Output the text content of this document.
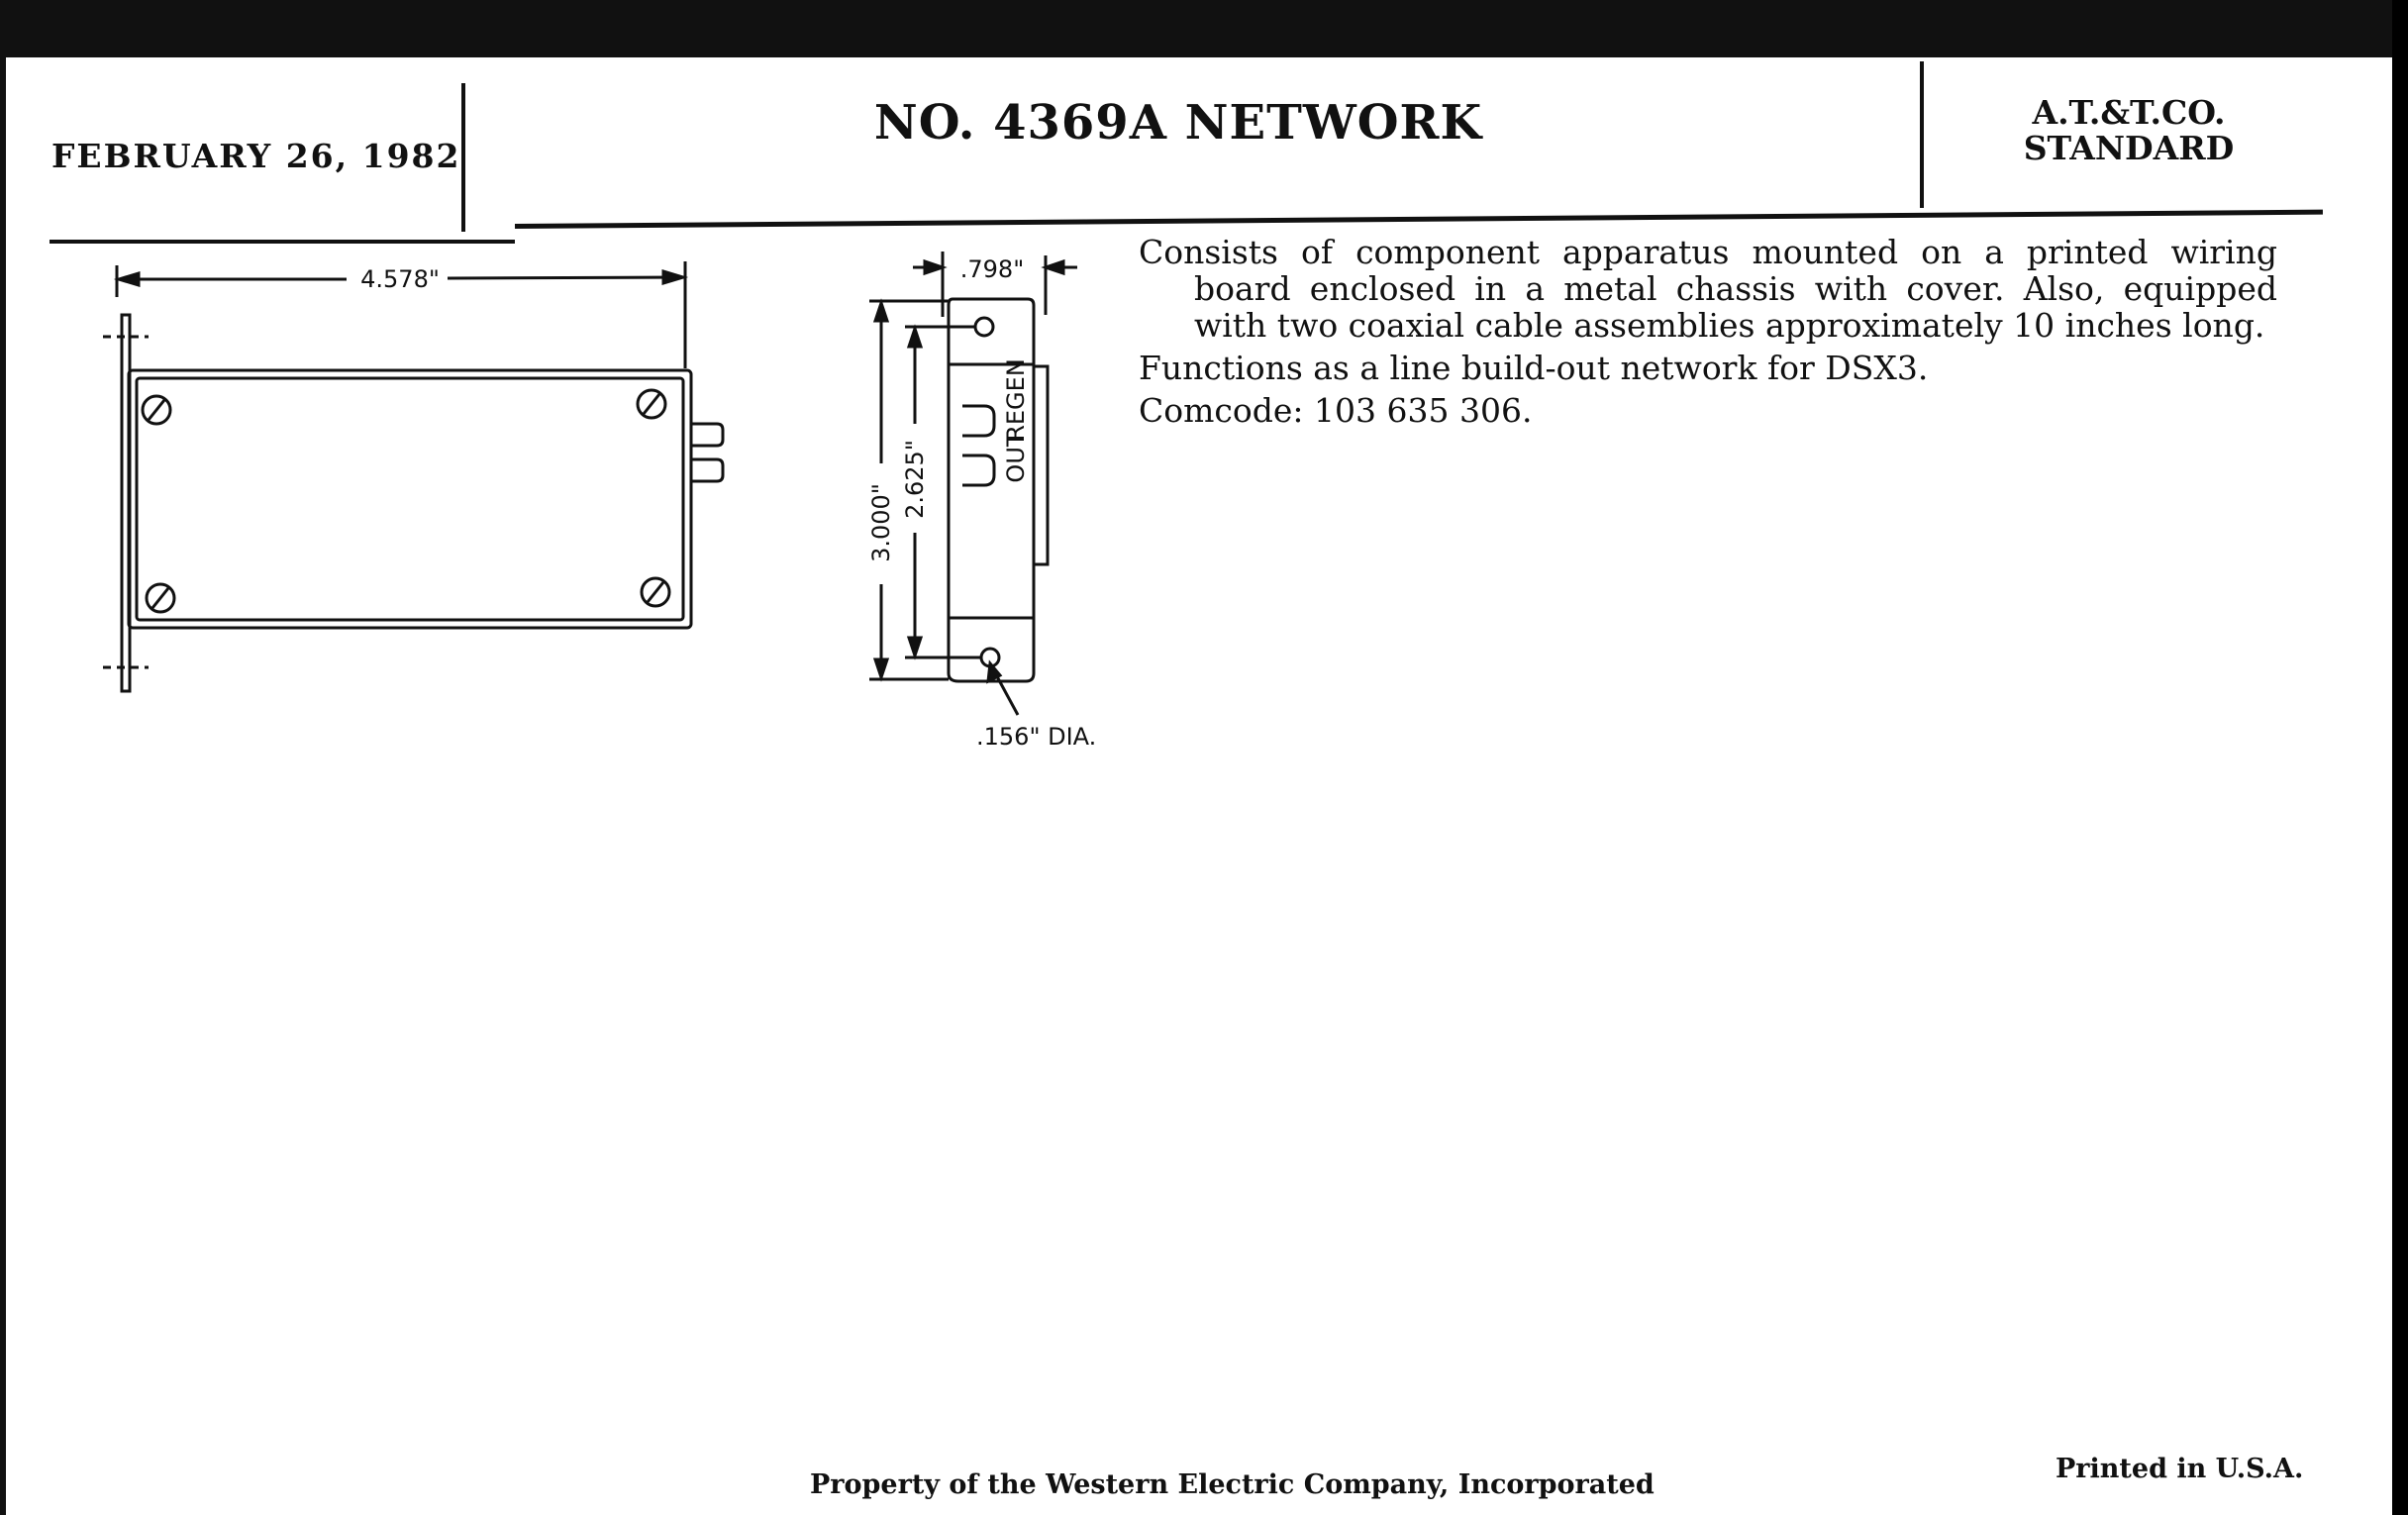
FEBRUARY 26, 1982
NO. 4369A NETWORK	A.T.&T.CO.
STANDARD
4.578"	.798"
3.000"
2.625"	OUT
REGEN
.156" DIA.

Consists of component apparatus mounted on a printed wiring board enclosed in a metal chassis with cover. Also, equipped with two coaxial cable assemblies approximately 10 inches long.

Functions as a line build-out network for DSX3.

Comcode: 103 635 306.

Property of the Western Electric Company, Incorporated
Printed in U.S.A.
